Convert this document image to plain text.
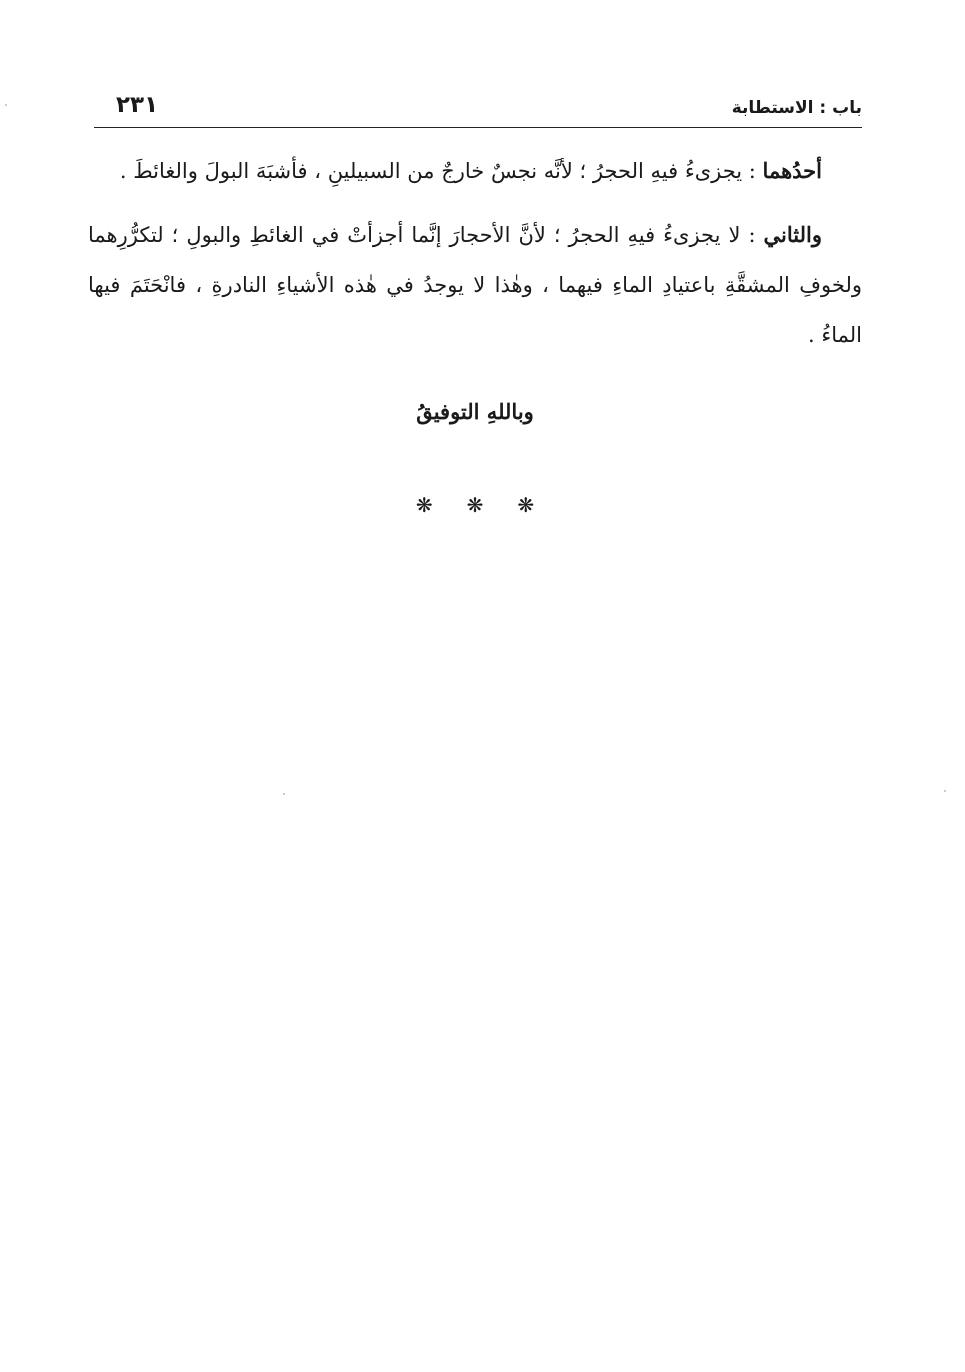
٢٣١	باب : الاستطابة

أحدُهما : يجزىءُ فيهِ الحجرُ ؛ لأنَّه نجسٌ خارجٌ من السبيلينِ ، فأشبَهَ البولَ والغائطَ .

والثاني : لا يجزىءُ فيهِ الحجرُ ؛ لأنَّ الأحجارَ إنَّما أجزأتْ في الغائطِ والبولِ ؛ لتكرُّرِهما ولخوفِ المشقَّةِ باعتيادِ الماءِ فيهما ، وهٰذا لا يوجدُ في هٰذه الأشياءِ النادرةِ ، فانْحَتَمَ فيها الماءُ .

وباللهِ التوفيقُ
❋❋❋
